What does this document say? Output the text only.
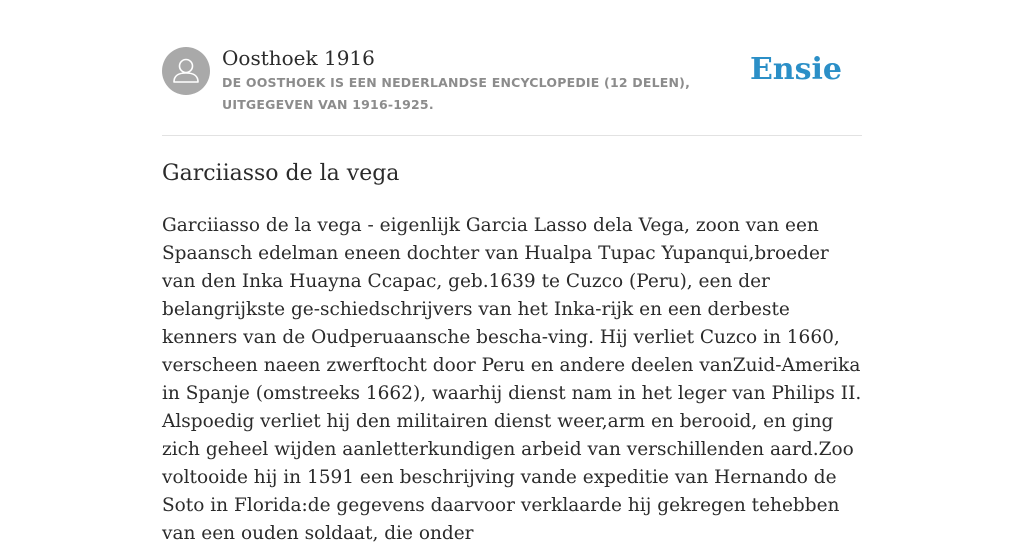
Oosthoek 1916
DE OOSTHOEK IS EEN NEDERLANDSE ENCYCLOPEDIE (12 DELEN), UITGEGEVEN VAN 1916-1925.
Ensie
Garciiasso de la vega

Garciiasso de la vega - eigenlijk Garcia Lasso dela Vega, zoon van een Spaansch edelman eneen dochter van Hualpa Tupac Yupanqui,broeder van den Inka Huayna Ccapac, geb.1639 te Cuzco (Peru), een der belangrijkste ge-schiedschrijvers van het Inka-rijk en een derbeste kenners van de Oudperuaansche bescha-ving. Hij verliet Cuzco in 1660, verscheen naeen zwerftocht door Peru en andere deelen vanZuid-Amerika in Spanje (omstreeks 1662), waarhij dienst nam in het leger van Philips II. Alspoedig verliet hij den militairen dienst weer,arm en berooid, en ging zich geheel wijden aanletterkundigen arbeid van verschillenden aard.Zoo voltooide hij in 1591 een beschrijving vande expeditie van Hernando de Soto in Florida:de gegevens daarvoor verklaarde hij gekregen tehebben van een ouden soldaat, die onder
